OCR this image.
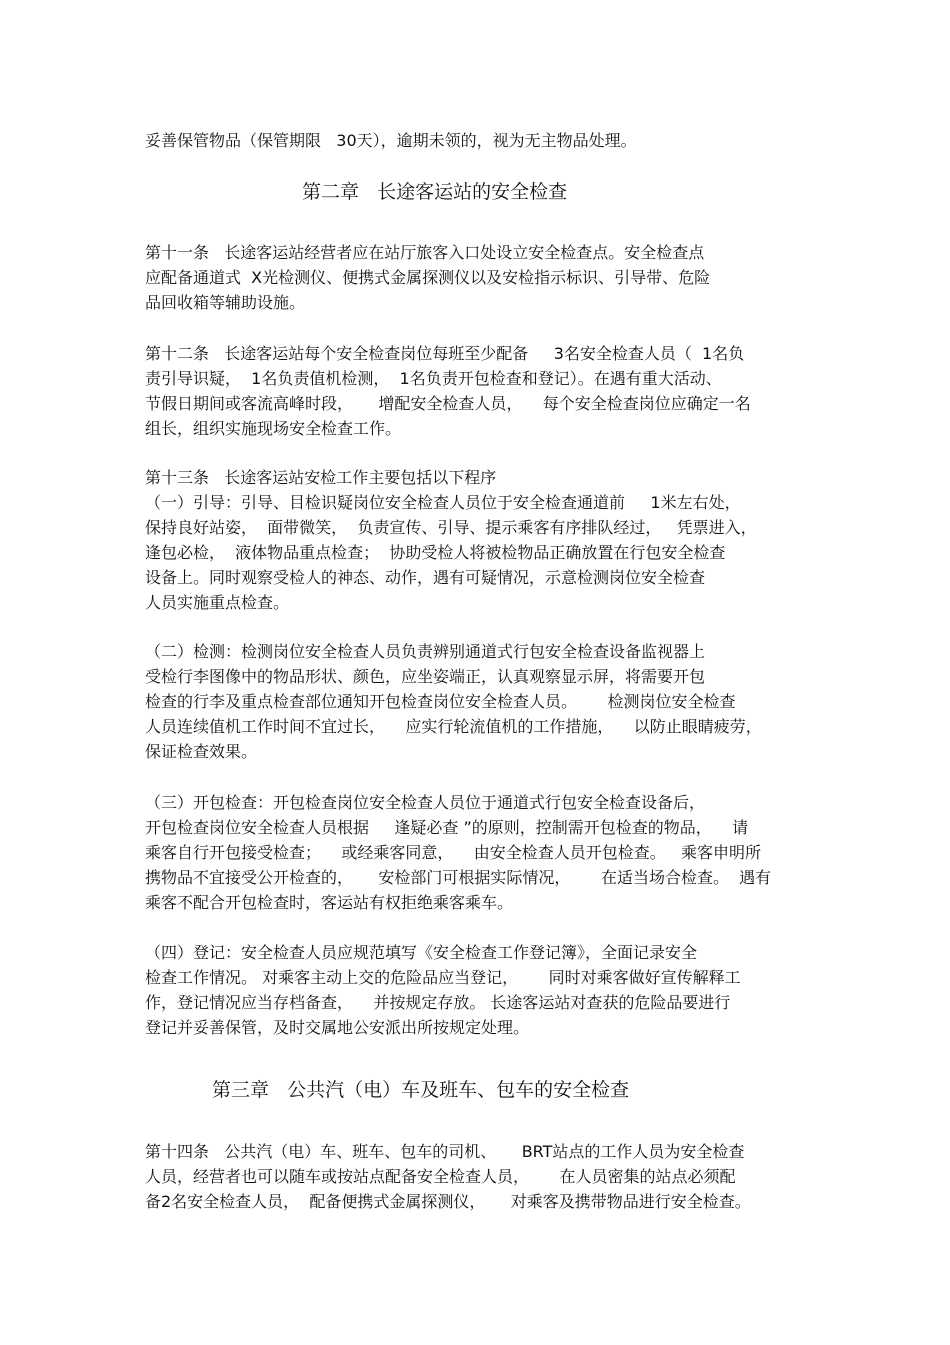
妥善保管物品（保管期限   30天），逾期未领的，视为无主物品处理。
第二章   长途客运站的安全检查
第十一条   长途客运站经营者应在站厅旅客入口处设立安全检查点。安全检查点
应配备通道式  X光检测仪、便携式金属探测仪以及安检指示标识、引导带、危险
品回收箱等辅助设施。
第十二条   长途客运站每个安全检查岗位每班至少配备     3名安全检查人员（  1名负
责引导识疑，  1名负责值机检测，  1名负责开包检查和登记）。在遇有重大活动、
节假日期间或客流高峰时段，     增配安全检查人员，    每个安全检查岗位应确定一名
组长，组织实施现场安全检查工作。
第十三条   长途客运站安检工作主要包括以下程序
（一）引导：引导、目检识疑岗位安全检查人员位于安全检查通道前     1米左右处，
保持良好站姿，  面带微笑，  负责宣传、引导、提示乘客有序排队经过，   凭票进入，
逢包必检，  液体物品重点检查；  协助受检人将被检物品正确放置在行包安全检查
设备上。同时观察受检人的神态、动作，遇有可疑情况，示意检测岗位安全检查
人员实施重点检查。
（二）检测：检测岗位安全检查人员负责辨别通道式行包安全检查设备监视器上
受检行李图像中的物品形状、颜色，应坐姿端正，认真观察显示屏，将需要开包
检查的行李及重点检查部位通知开包检查岗位安全检查人员。      检测岗位安全检查
人员连续值机工作时间不宜过长，    应实行轮流值机的工作措施，    以防止眼睛疲劳，
保证检查效果。
（三）开包检查：开包检查岗位安全检查人员位于通道式行包安全检查设备后，
开包检查岗位安全检查人员根据     逢疑必查 ”的原则，控制需开包检查的物品，    请
乘客自行开包接受检查；    或经乘客同意，    由安全检查人员开包检查。   乘客申明所
携物品不宜接受公开检查的，     安检部门可根据实际情况，      在适当场合检查。  遇有
乘客不配合开包检查时，客运站有权拒绝乘客乘车。
（四）登记：安全检查人员应规范填写《安全检查工作登记簿》，全面记录安全
检查工作情况。 对乘客主动上交的危险品应当登记，      同时对乘客做好宣传解释工
作，登记情况应当存档备查，    并按规定存放。 长途客运站对查获的危险品要进行
登记并妥善保管，及时交属地公安派出所按规定处理。
第三章   公共汽（电）车及班车、包车的安全检查
第十四条   公共汽（电）车、班车、包车的司机、     BRT站点的工作人员为安全检查
人员，经营者也可以随车或按站点配备安全检查人员，      在人员密集的站点必须配
备2名安全检查人员，  配备便携式金属探测仪，     对乘客及携带物品进行安全检查。
